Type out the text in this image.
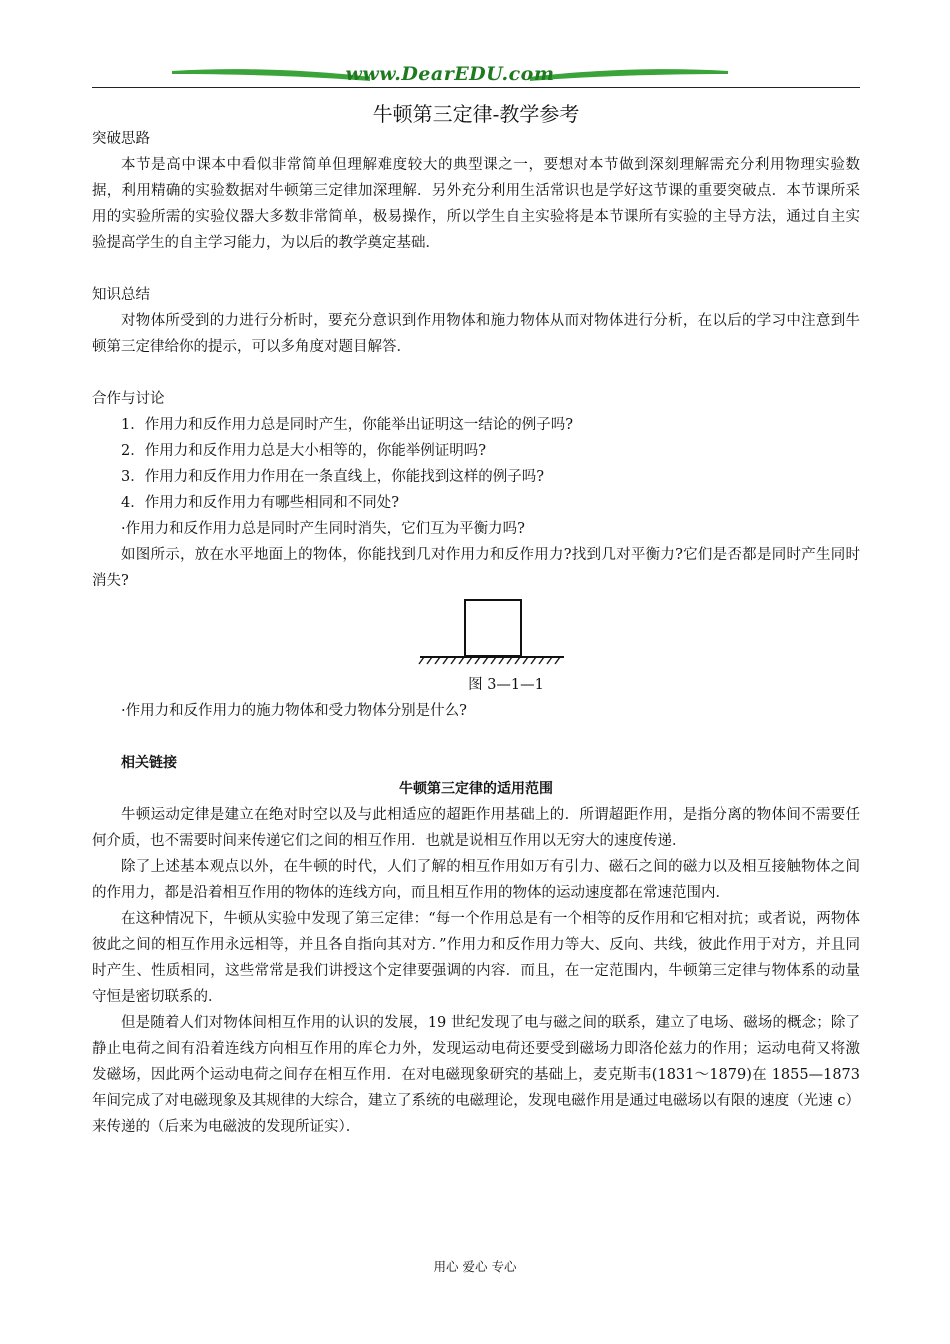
www.DearEDU.com
牛顿第三定律-教学参考
突破思路

本节是高中课本中看似非常简单但理解难度较大的典型课之一，要想对本节做到深刻理解需充分利用物理实验数据，利用精确的实验数据对牛顿第三定律加深理解．另外充分利用生活常识也是学好这节课的重要突破点．本节课所采用的实验所需的实验仪器大多数非常简单，极易操作，所以学生自主实验将是本节课所有实验的主导方法，通过自主实验提高学生的自主学习能力，为以后的教学奠定基础．

知识总结

对物体所受到的力进行分析时，要充分意识到作用物体和施力物体从而对物体进行分析，在以后的学习中注意到牛顿第三定律给你的提示，可以多角度对题目解答．

合作与讨论

1．作用力和反作用力总是同时产生，你能举出证明这一结论的例子吗?

2．作用力和反作用力总是大小相等的，你能举例证明吗?

3．作用力和反作用力作用在一条直线上，你能找到这样的例子吗?

4．作用力和反作用力有哪些相同和不同处?

·作用力和反作用力总是同时产生同时消失，它们互为平衡力吗?

如图所示，放在水平地面上的物体，你能找到几对作用力和反作用力?找到几对平衡力?它们是否都是同时产生同时消失?

图 3—1—1

·作用力和反作用力的施力物体和受力物体分别是什么?

相关链接
牛顿第三定律的适用范围

牛顿运动定律是建立在绝对时空以及与此相适应的超距作用基础上的．所谓超距作用，是指分离的物体间不需要任何介质，也不需要时间来传递它们之间的相互作用．也就是说相互作用以无穷大的速度传递．

除了上述基本观点以外，在牛顿的时代，人们了解的相互作用如万有引力、磁石之间的磁力以及相互接触物体之间的作用力，都是沿着相互作用的物体的连线方向，而且相互作用的物体的运动速度都在常速范围内．

在这种情况下，牛顿从实验中发现了第三定律：“每一个作用总是有一个相等的反作用和它相对抗；或者说，两物体彼此之间的相互作用永远相等，并且各自指向其对方．”作用力和反作用力等大、反向、共线，彼此作用于对方，并且同时产生、性质相同，这些常常是我们讲授这个定律要强调的内容．而且，在一定范围内，牛顿第三定律与物体系的动量守恒是密切联系的．

但是随着人们对物体间相互作用的认识的发展，19 世纪发现了电与磁之间的联系，建立了电场、磁场的概念；除了静止电荷之间有沿着连线方向相互作用的库仑力外，发现运动电荷还要受到磁场力即洛伦兹力的作用；运动电荷又将激发磁场，因此两个运动电荷之间存在相互作用．在对电磁现象研究的基础上，麦克斯韦(1831～1879)在 1855—1873 年间完成了对电磁现象及其规律的大综合，建立了系统的电磁理论，发现电磁作用是通过电磁场以有限的速度（光速 c）来传递的（后来为电磁波的发现所证实）．

用心 爱心 专心
